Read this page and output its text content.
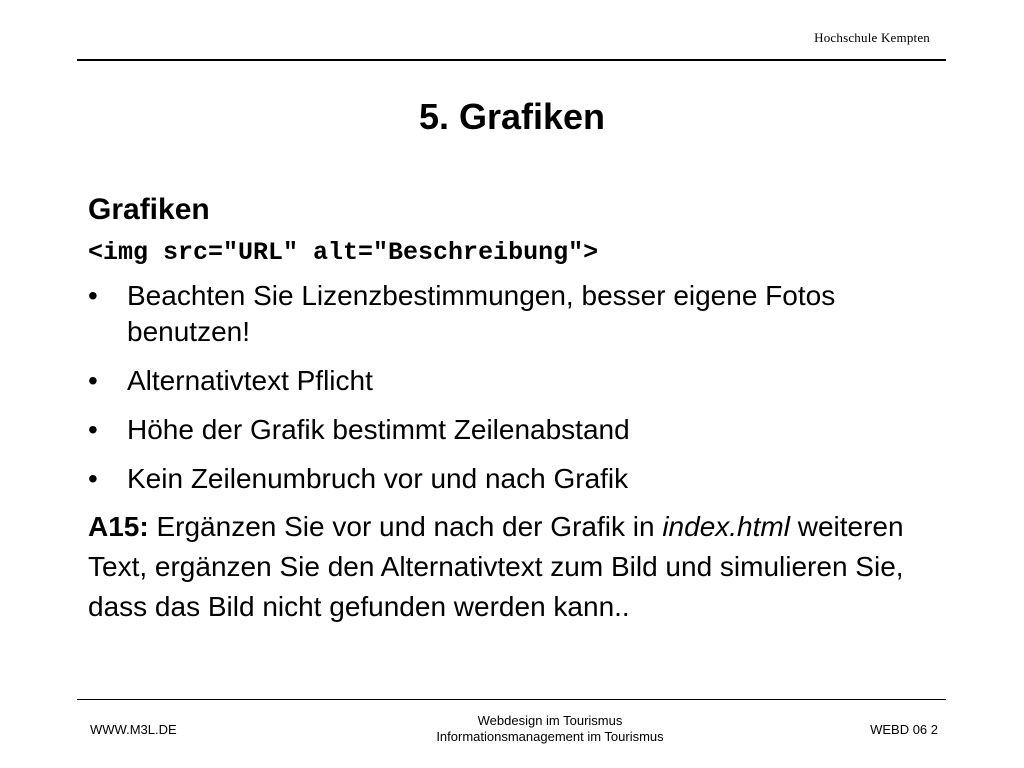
Hochschule Kempten
5. Grafiken
Grafiken
<img src="URL" alt="Beschreibung">
• Beachten Sie Lizenzbestimmungen, besser eigene Fotos benutzen!
• Alternativtext Pflicht
• Höhe der Grafik bestimmt Zeilenabstand
• Kein Zeilenumbruch vor und nach Grafik
A15: Ergänzen Sie vor und nach der Grafik in index.html weiteren Text, ergänzen Sie den Alternativtext zum Bild und simulieren Sie, dass das Bild nicht gefunden werden kann..
WWW.M3L.DE
Webdesign im Tourismus
Informationsmanagement im Tourismus	WEBD 06 2
